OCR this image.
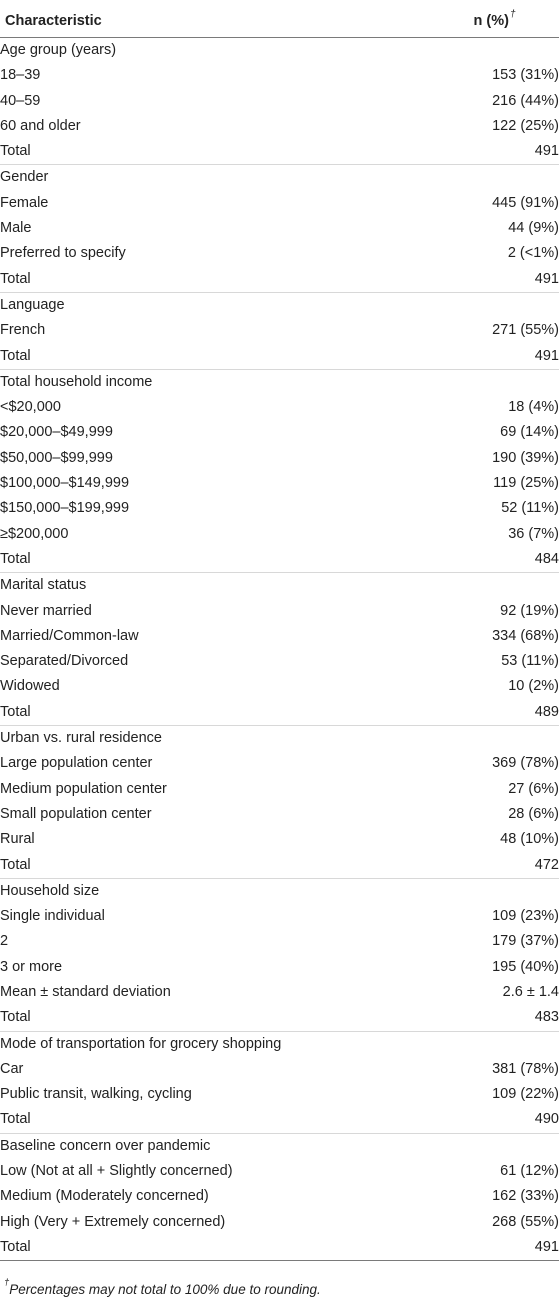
Characteristic	n (%)†
Age group (years)	
18–39	153 (31%)
40–59	216 (44%)
60 and older	122 (25%)
Total	491
Gender	
Female	445 (91%)
Male	44 (9%)
Preferred to specify	2 (<1%)
Total	491
Language	
French	271 (55%)
Total	491
Total household income	
<$20,000	18 (4%)
$20,000–$49,999	69 (14%)
$50,000–$99,999	190 (39%)
$100,000–$149,999	119 (25%)
$150,000–$199,999	52 (11%)
≥$200,000	36 (7%)
Total	484
Marital status	
Never married	92 (19%)
Married/Common-law	334 (68%)
Separated/Divorced	53 (11%)
Widowed	10 (2%)
Total	489
Urban vs. rural residence	
Large population center	369 (78%)
Medium population center	27 (6%)
Small population center	28 (6%)
Rural	48 (10%)
Total	472
Household size	
Single individual	109 (23%)
2	179 (37%)
3 or more	195 (40%)
Mean ± standard deviation	2.6 ± 1.4
Total	483
Mode of transportation for grocery shopping	
Car	381 (78%)
Public transit, walking, cycling	109 (22%)
Total	490
Baseline concern over pandemic	
Low (Not at all + Slightly concerned)	61 (12%)
Medium (Moderately concerned)	162 (33%)
High (Very + Extremely concerned)	268 (55%)
Total	491
†Percentages may not total to 100% due to rounding.
